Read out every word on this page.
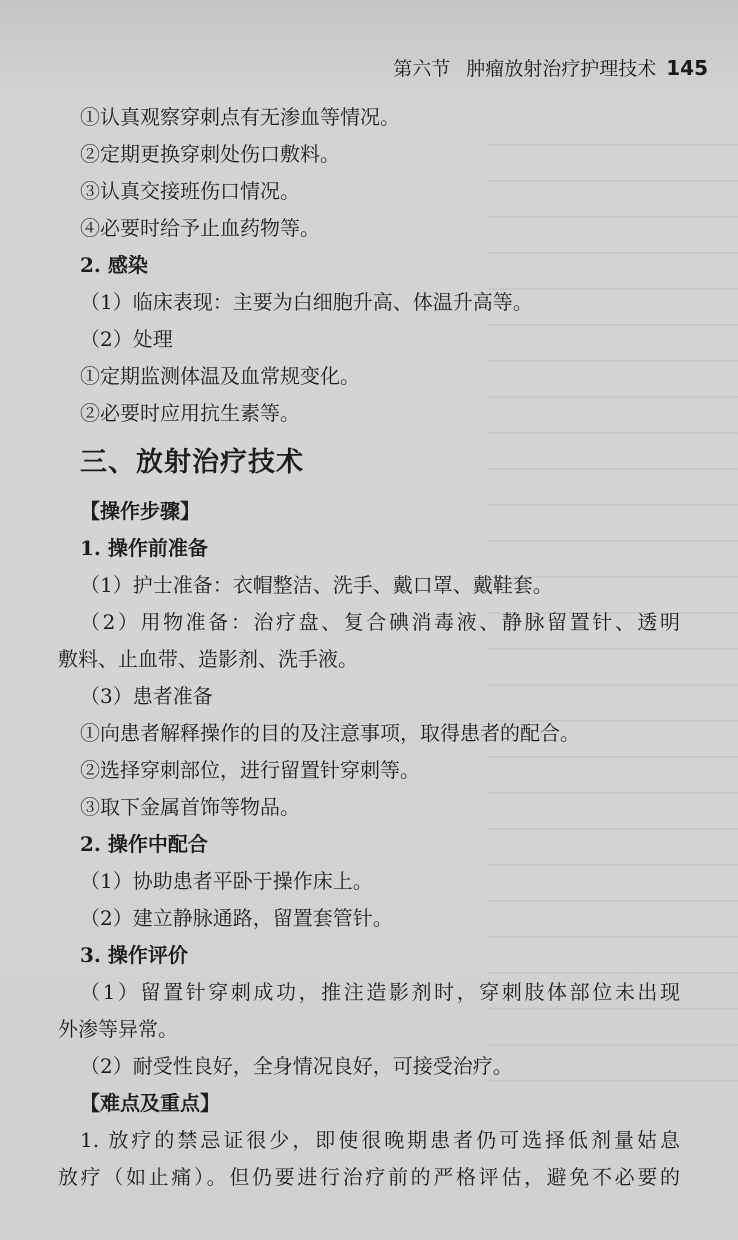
第六节 肿瘤放射治疗护理技术 145
①认真观察穿刺点有无渗血等情况。
②定期更换穿刺处伤口敷料。
③认真交接班伤口情况。
④必要时给予止血药物等。
2. 感染
（1）临床表现：主要为白细胞升高、体温升高等。
（2）处理
①定期监测体温及血常规变化。
②必要时应用抗生素等。
三、放射治疗技术
【操作步骤】
1. 操作前准备
（1）护士准备：衣帽整洁、洗手、戴口罩、戴鞋套。
（2）用物准备：治疗盘、复合碘消毒液、静脉留置针、透明
敷料、止血带、造影剂、洗手液。
（3）患者准备
①向患者解释操作的目的及注意事项，取得患者的配合。
②选择穿刺部位，进行留置针穿刺等。
③取下金属首饰等物品。
2. 操作中配合
（1）协助患者平卧于操作床上。
（2）建立静脉通路，留置套管针。
3. 操作评价
（1）留置针穿刺成功，推注造影剂时，穿刺肢体部位未出现
外渗等异常。
（2）耐受性良好，全身情况良好，可接受治疗。
【难点及重点】
1. 放疗的禁忌证很少，即使很晚期患者仍可选择低剂量姑息
放疗（如止痛）。但仍要进行治疗前的严格评估，避免不必要的
